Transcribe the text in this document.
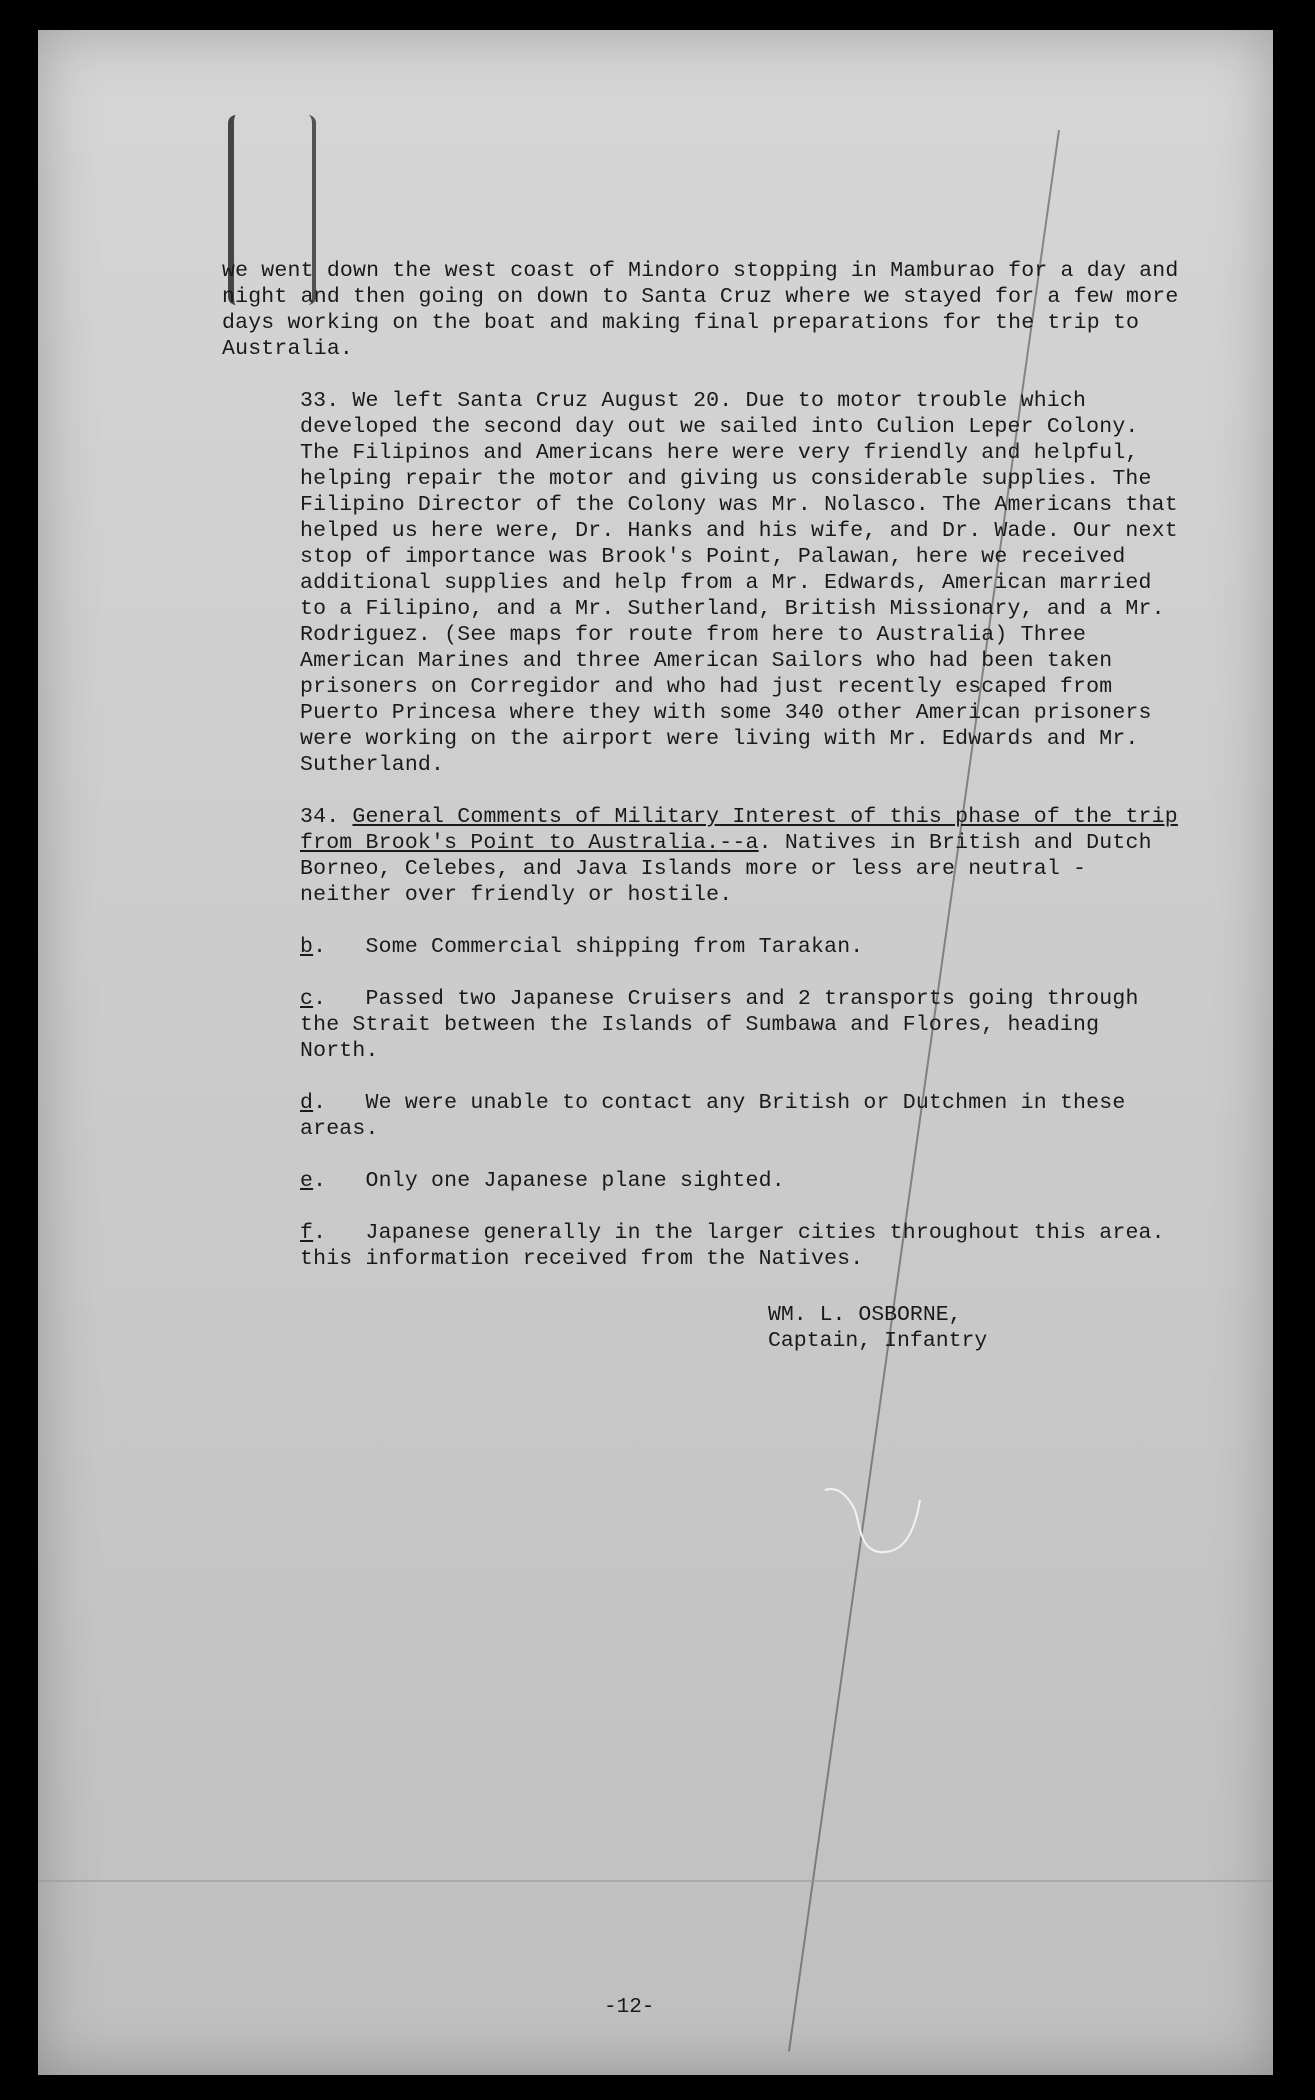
we went down the west coast of Mindoro stopping in Mamburao for a day and night and then going on down to Santa Cruz where we stayed for a few more days working on the boat and making final preparations for the trip to Australia.

33. We left Santa Cruz August 20. Due to motor trouble which developed the second day out we sailed into Culion Leper Colony. The Filipinos and Americans here were very friendly and helpful, helping repair the motor and giving us considerable supplies. The Filipino Director of the Colony was Mr. Nolasco. The Americans that helped us here were, Dr. Hanks and his wife, and Dr. Wade. Our next stop of importance was Brook's Point, Palawan, here we received additional supplies and help from a Mr. Edwards, American married to a Filipino, and a Mr. Sutherland, British Missionary, and a Mr. Rodriguez. (See maps for route from here to Australia) Three American Marines and three American Sailors who had been taken prisoners on Corregidor and who had just recently escaped from Puerto Princesa where they with some 340 other American prisoners were working on the airport were living with Mr. Edwards and Mr. Sutherland.

34. General Comments of Military Interest of this phase of the trip from Brook's Point to Australia.--a. Natives in British and Dutch Borneo, Celebes, and Java Islands more or less are neutral - neither over friendly or hostile.

b.   Some Commercial shipping from Tarakan.

c.   Passed two Japanese Cruisers and 2 transports going through the Strait between the Islands of Sumbawa and Flores, heading North.

d.   We were unable to contact any British or Dutchmen in these areas.

e.   Only one Japanese plane sighted.

f.   Japanese generally in the larger cities throughout this area. this information received from the Natives.

WM. L. OSBORNE,
Captain, Infantry
-12-
